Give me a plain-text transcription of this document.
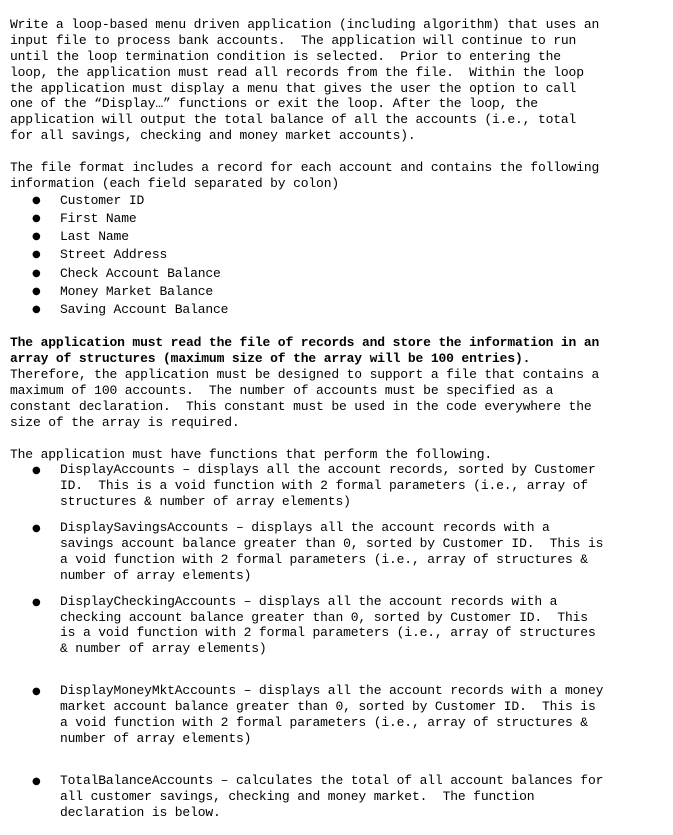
Write a loop-based menu driven application (including algorithm) that uses an
input file to process bank accounts.  The application will continue to run
until the loop termination condition is selected.  Prior to entering the
loop, the application must read all records from the file.  Within the loop
the application must display a menu that gives the user the option to call
one of the “Display…” functions or exit the loop. After the loop, the
application will output the total balance of all the accounts (i.e., total
for all savings, checking and money market accounts).
The file format includes a record for each account and contains the following
information (each field separated by colon)
● Customer ID
● First Name
● Last Name
● Street Address
● Check Account Balance
● Money Market Balance
● Saving Account Balance
The application must read the file of records and store the information in an
array of structures (maximum size of the array will be 100 entries).
Therefore, the application must be designed to support a file that contains a
maximum of 100 accounts.  The number of accounts must be specified as a
constant declaration.  This constant must be used in the code everywhere the
size of the array is required.
The application must have functions that perform the following.
● DisplayAccounts – displays all the account records, sorted by Customer
ID.  This is a void function with 2 formal parameters (i.e., array of
structures & number of array elements)
● DisplaySavingsAccounts – displays all the account records with a
savings account balance greater than 0, sorted by Customer ID.  This is
a void function with 2 formal parameters (i.e., array of structures &
number of array elements)
● DisplayCheckingAccounts – displays all the account records with a
checking account balance greater than 0, sorted by Customer ID.  This
is a void function with 2 formal parameters (i.e., array of structures
& number of array elements)
● DisplayMoneyMktAccounts – displays all the account records with a money
market account balance greater than 0, sorted by Customer ID.  This is
a void function with 2 formal parameters (i.e., array of structures &
number of array elements)
● TotalBalanceAccounts – calculates the total of all account balances for
all customer savings, checking and money market.  The function
declaration is below.
